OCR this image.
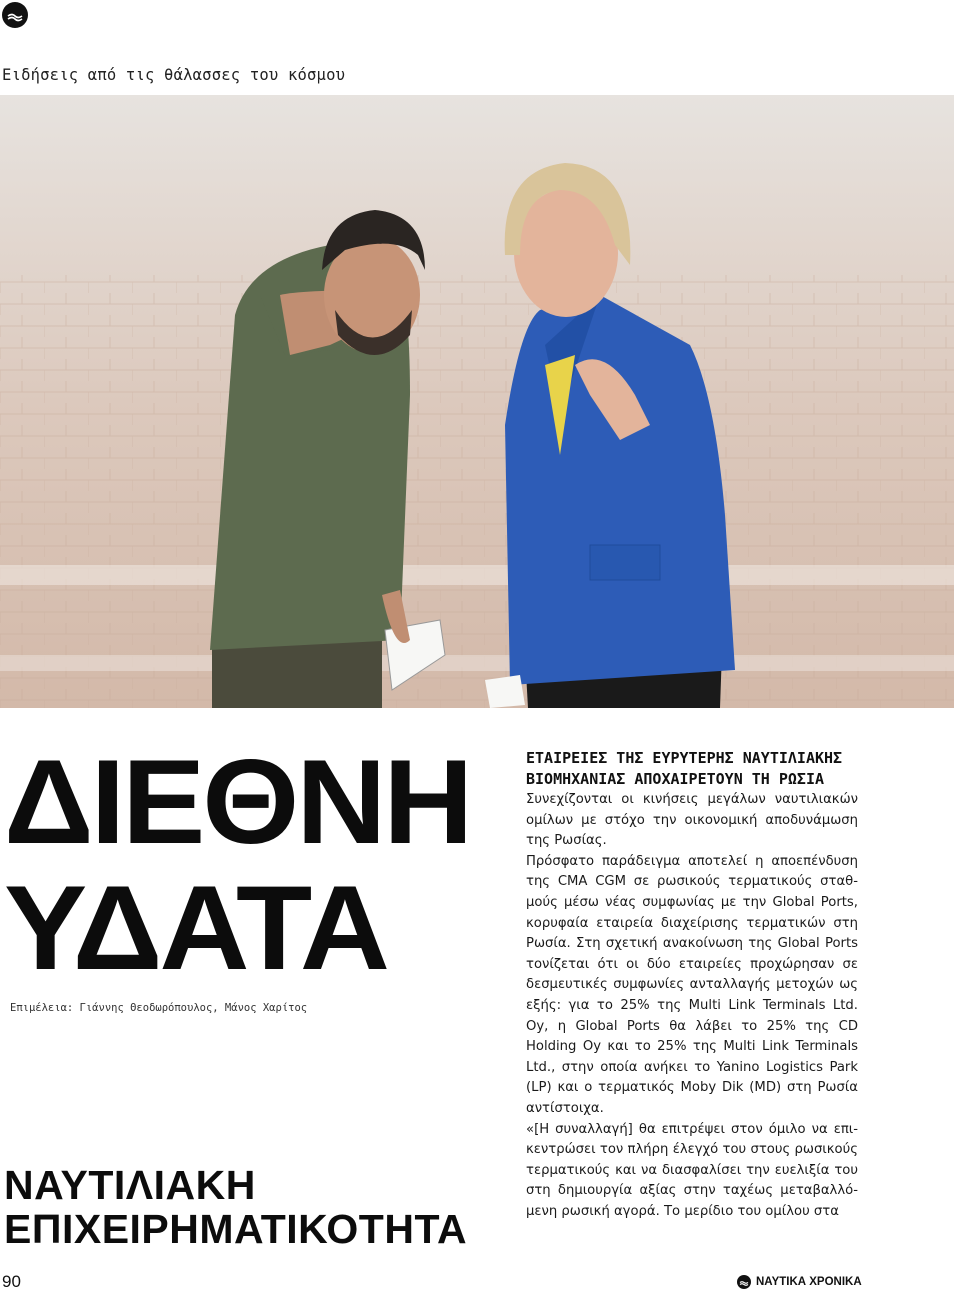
Ειδήσεις από τις θάλασσες του κόσμου
ΔΙΕΘΝΗ
ΥΔΑΤΑ
Επιμέλεια: Γιάννης Θεοδωρόπουλος, Μάνος Χαρίτος
ΝΑΥΤΙΛΙΑΚΗ
ΕΠΙΧΕΙΡΗΜΑΤΙΚΟΤΗΤΑ
ΕΤΑΙΡΕΙΕΣ ΤΗΣ ΕΥΡΥΤΕΡΗΣ ΝΑΥΤΙΛΙΑΚΗΣ ΒΙΟΜΗΧΑΝΙΑΣ ΑΠΟΧΑΙΡΕΤΟΥΝ ΤΗ ΡΩΣΙΑ

Συνεχίζονται οι κινήσεις μεγάλων ναυτιλιακών ομίλων με στόχο την οικονομική αποδυνάμωση της Ρωσίας.

Πρόσφατο παράδειγμα αποτελεί η αποεπένδυση της CMA CGM σε ρωσικούς τερματικούς σταθ-μούς μέσω νέας συμφωνίας με την Global Ports, κορυφαία εταιρεία διαχείρισης τερματικών στη Ρωσία. Στη σχετική ανακοίνωση της Global Ports τονίζεται ότι οι δύο εταιρείες προχώρησαν σε δεσμευτικές συμφωνίες ανταλλαγής μετοχών ως εξής: για το 25% της Multi Link Terminals Ltd. Oy, η Global Ports θα λάβει το 25% της CD Holding Oy και το 25% της Multi Link Terminals Ltd., στην οποία ανήκει το Yanino Logistics Park (LP) και ο τερματικός Moby Dik (MD) στη Ρωσία αντίστοιχα.

«[Η συναλλαγή] θα επιτρέψει στον όμιλο να επι-κεντρώσει τον πλήρη έλεγχό του στους ρωσικούς τερματικούς και να διασφαλίσει την ευελιξία του στη δημιουργία αξίας στην ταχέως μεταβαλλό-μενη ρωσική αγορά. Το μερίδιο του ομίλου στα

90	ΝΑΥΤΙΚΑ ΧΡΟΝΙΚΑ
